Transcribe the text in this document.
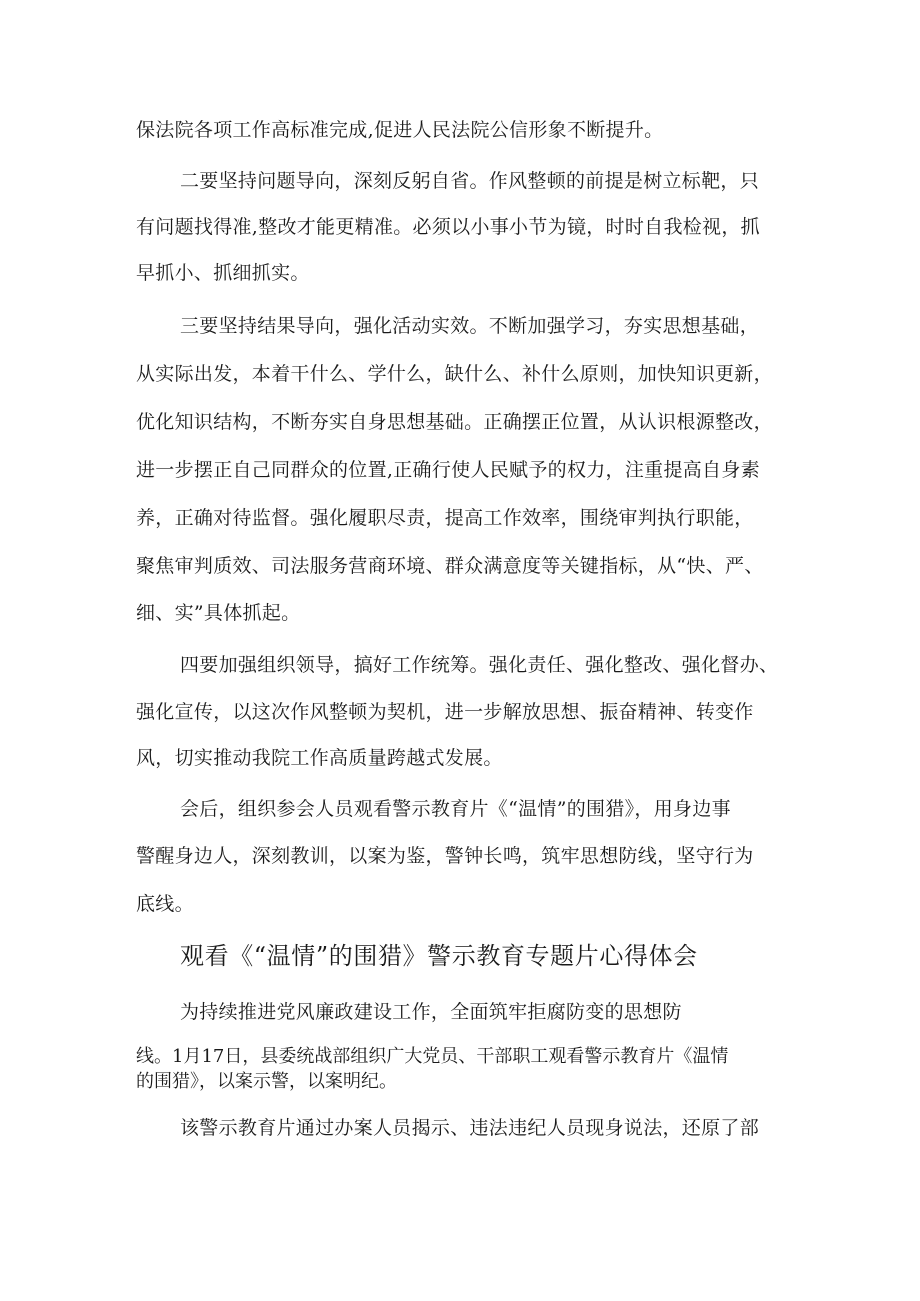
保法院各项工作高标准完成,促进人民法院公信形象不断提升。
二要坚持问题导向，深刻反躬自省。作风整顿的前提是树立标靶，只
有问题找得准,整改才能更精准。必须以小事小节为镜，时时自我检视，抓
早抓小、抓细抓实。
三要坚持结果导向，强化活动实效。不断加强学习，夯实思想基础，
从实际出发，本着干什么、学什么，缺什么、补什么原则，加快知识更新，
优化知识结构，不断夯实自身思想基础。正确摆正位置，从认识根源整改，
进一步摆正自己同群众的位置,正确行使人民赋予的权力，注重提高自身素
养，正确对待监督。强化履职尽责，提高工作效率，围绕审判执行职能，
聚焦审判质效、司法服务营商环境、群众满意度等关键指标，从“快、严、
细、实”具体抓起。
四要加强组织领导，搞好工作统筹。强化责任、强化整改、强化督办、
强化宣传，以这次作风整顿为契机，进一步解放思想、振奋精神、转变作
风，切实推动我院工作高质量跨越式发展。
会后，组织参会人员观看警示教育片《“温情”的围猎》，用身边事
警醒身边人，深刻教训，以案为鉴，警钟长鸣，筑牢思想防线，坚守行为
底线。
观看《“温情”的围猎》警示教育专题片心得体会
为持续推进党风廉政建设工作，全面筑牢拒腐防变的思想防
线。1月17日，县委统战部组织广大党员、干部职工观看警示教育片《温情
的围猎》，以案示警，以案明纪。
该警示教育片通过办案人员揭示、违法违纪人员现身说法，还原了部
